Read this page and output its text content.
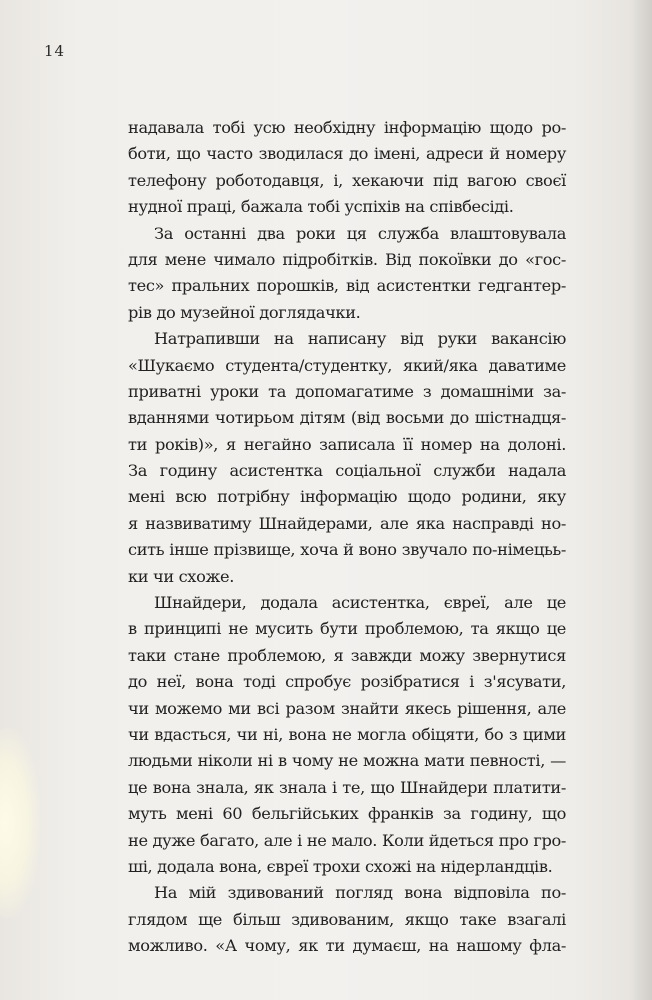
14
надавала тобі усю необхідну інформацію щодо ро-
боти, що часто зводилася до імені, адреси й номеру
телефону роботодавця, і, хекаючи під вагою своєї
нудної праці, бажала тобі успіхів на співбесіді.
За останні два роки ця служба влаштовувала
для мене чимало підробітків. Від покоївки до «гос-
тес» пральних порошків, від асистентки гедгантер-
рів до музейної доглядачки.
Натрапивши на написану від руки вакансію
«Шукаємо студента/студентку, який/яка даватиме
приватні уроки та допомагатиме з домашніми за-
вданнями чотирьом дітям (від восьми до шістнадця-
ти років)», я негайно записала її номер на долоні.
За годину асистентка соціальної служби надала
мені всю потрібну інформацію щодо родини, яку
я назвиватиму Шнайдерами, але яка насправді но-
сить інше прізвище, хоча й воно звучало по-німецьь-
ки чи схоже.
Шнайдери, додала асистентка, євреї, але це
в принципі не мусить бути проблемою, та якщо це
таки стане проблемою, я завжди можу звернутися
до неї, вона тоді спробує розібратися і з'ясувати,
чи можемо ми всі разом знайти якесь рішення, але
чи вдасться, чи ні, вона не могла обіцяти, бо з цими
людьми ніколи ні в чому не можна мати певності, —
це вона знала, як знала і те, що Шнайдери платити-
муть мені 60 бельгійських франків за годину, що
не дуже багато, але і не мало. Коли йдеться про гро-
ші, додала вона, євреї трохи схожі на нідерландців.
На мій здивований погляд вона відповіла по-
глядом ще більш здивованим, якщо таке взагалі
можливо. «А чому, як ти думаєш, на нашому фла-
